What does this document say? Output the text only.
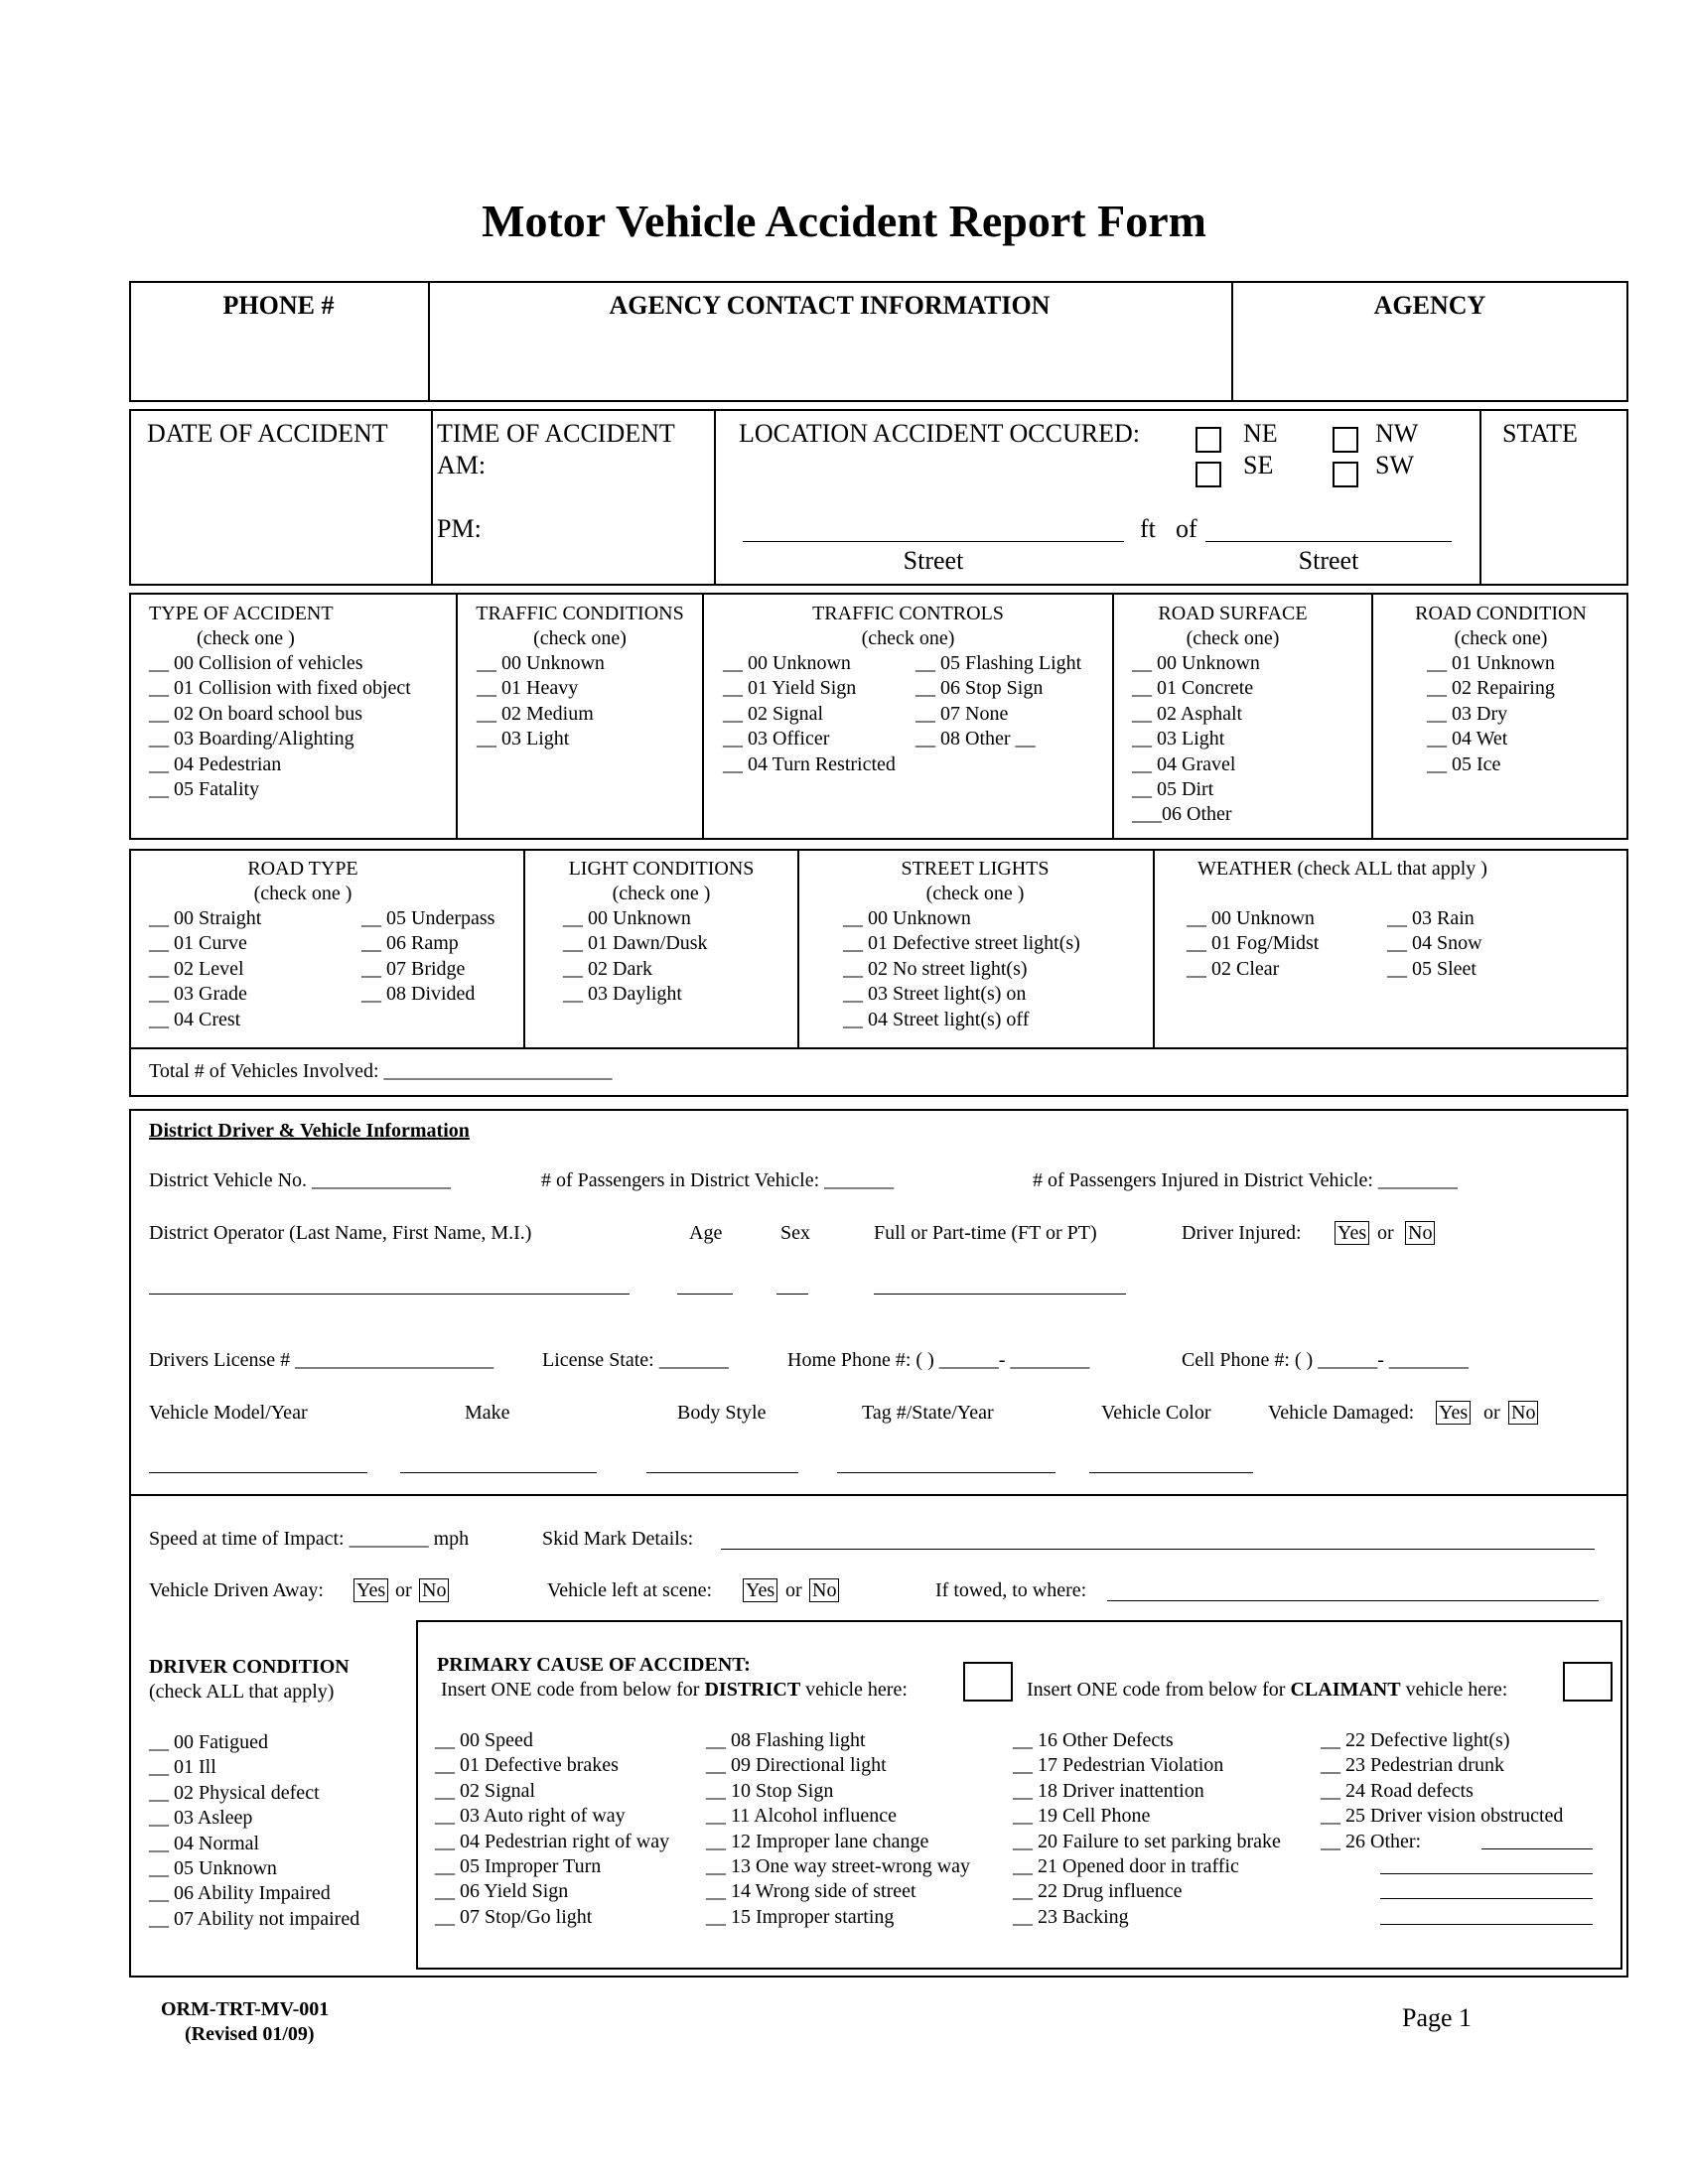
Motor Vehicle Accident Report Form
PHONE #	AGENCY CONTACT INFORMATION	AGENCY
DATE OF ACCIDENT TIME OF ACCIDENT
AM:
PM:
LOCATION ACCIDENT OCCURED:	NE	NW
SE	SW
ft of
Street	Street
STATE
TYPE OF ACCIDENT
(check one )
__ 00 Collision of vehicles
__ 01 Collision with fixed object
__ 02 On board school bus
__ 03 Boarding/Alighting
__ 04 Pedestrian
__ 05 Fatality
TRAFFIC CONDITIONS
(check one)
__ 00 Unknown
__ 01 Heavy
__ 02 Medium
__ 03 Light
TRAFFIC CONTROLS
(check one)
__ 00 Unknown
__ 01 Yield Sign
__ 02 Signal
__ 03 Officer
__ 04 Turn Restricted
__ 05 Flashing Light
__ 06 Stop Sign
__ 07 None
__ 08 Other __
ROAD SURFACE
(check one)
__ 00 Unknown
__ 01 Concrete
__ 02 Asphalt
__ 03 Light
__ 04 Gravel
__ 05 Dirt
___06 Other
ROAD CONDITION
(check one)
__ 01 Unknown
__ 02 Repairing
__ 03 Dry
__ 04 Wet
__ 05 Ice
ROAD TYPE
(check one )
__ 00 Straight
__ 01 Curve
__ 02 Level
__ 03 Grade
__ 04 Crest
__ 05 Underpass
__ 06 Ramp
__ 07 Bridge
__ 08 Divided
LIGHT CONDITIONS
(check one )
__ 00 Unknown
__ 01 Dawn/Dusk
__ 02 Dark
__ 03 Daylight
STREET LIGHTS
(check one )
__ 00 Unknown
__ 01 Defective street light(s)
__ 02 No street light(s)
__ 03 Street light(s) on
__ 04 Street light(s) off
WEATHER (check ALL that apply )
__ 00 Unknown
__ 01 Fog/Midst
__ 02 Clear
__ 03 Rain
__ 04 Snow
__ 05 Sleet
Total # of Vehicles Involved: _______________________
District Driver & Vehicle Information
District Vehicle No. ______________	# of Passengers in District Vehicle: _______	# of Passengers Injured in District Vehicle: ________
District Operator (Last Name, First Name, M.I.)	Age	Sex	Full or Part-time (FT or PT)	Driver Injured: Yes or No
Drivers License # ____________________ License State: _______	Home Phone #: ( ) ______- ________	Cell Phone #: ( ) ______- ________
Vehicle Model/Year	Make	Body Style	Tag #/State/Year	Vehicle Color	Vehicle Damaged: Yes or No
Speed at time of Impact: ________ mph	Skid Mark Details:
Vehicle Driven Away: Yes or No	Vehicle left at scene: Yes or No	If towed, to where:
DRIVER CONDITION
(check ALL that apply)
__ 00 Fatigued
__ 01 Ill
__ 02 Physical defect
__ 03 Asleep
__ 04 Normal
__ 05 Unknown
__ 06 Ability Impaired
__ 07 Ability not impaired
PRIMARY CAUSE OF ACCIDENT:
Insert ONE code from below for DISTRICT vehicle here:	Insert ONE code from below for CLAIMANT vehicle here:
__ 00 Speed
__ 01 Defective brakes
__ 02 Signal
__ 03 Auto right of way
__ 04 Pedestrian right of way
__ 05 Improper Turn
__ 06 Yield Sign
__ 07 Stop/Go light
__ 08 Flashing light
__ 09 Directional light
__ 10 Stop Sign
__ 11 Alcohol influence
__ 12 Improper lane change
__ 13 One way street-wrong way
__ 14 Wrong side of street
__ 15 Improper starting
__ 16 Other Defects
__ 17 Pedestrian Violation
__ 18 Driver inattention
__ 19 Cell Phone
__ 20 Failure to set parking brake
__ 21 Opened door in traffic
__ 22 Drug influence
__ 23 Backing
__ 22 Defective light(s)
__ 23 Pedestrian drunk
__ 24 Road defects
__ 25 Driver vision obstructed
__ 26 Other:
ORM-TRT-MV-001
(Revised 01/09)
Page 1
